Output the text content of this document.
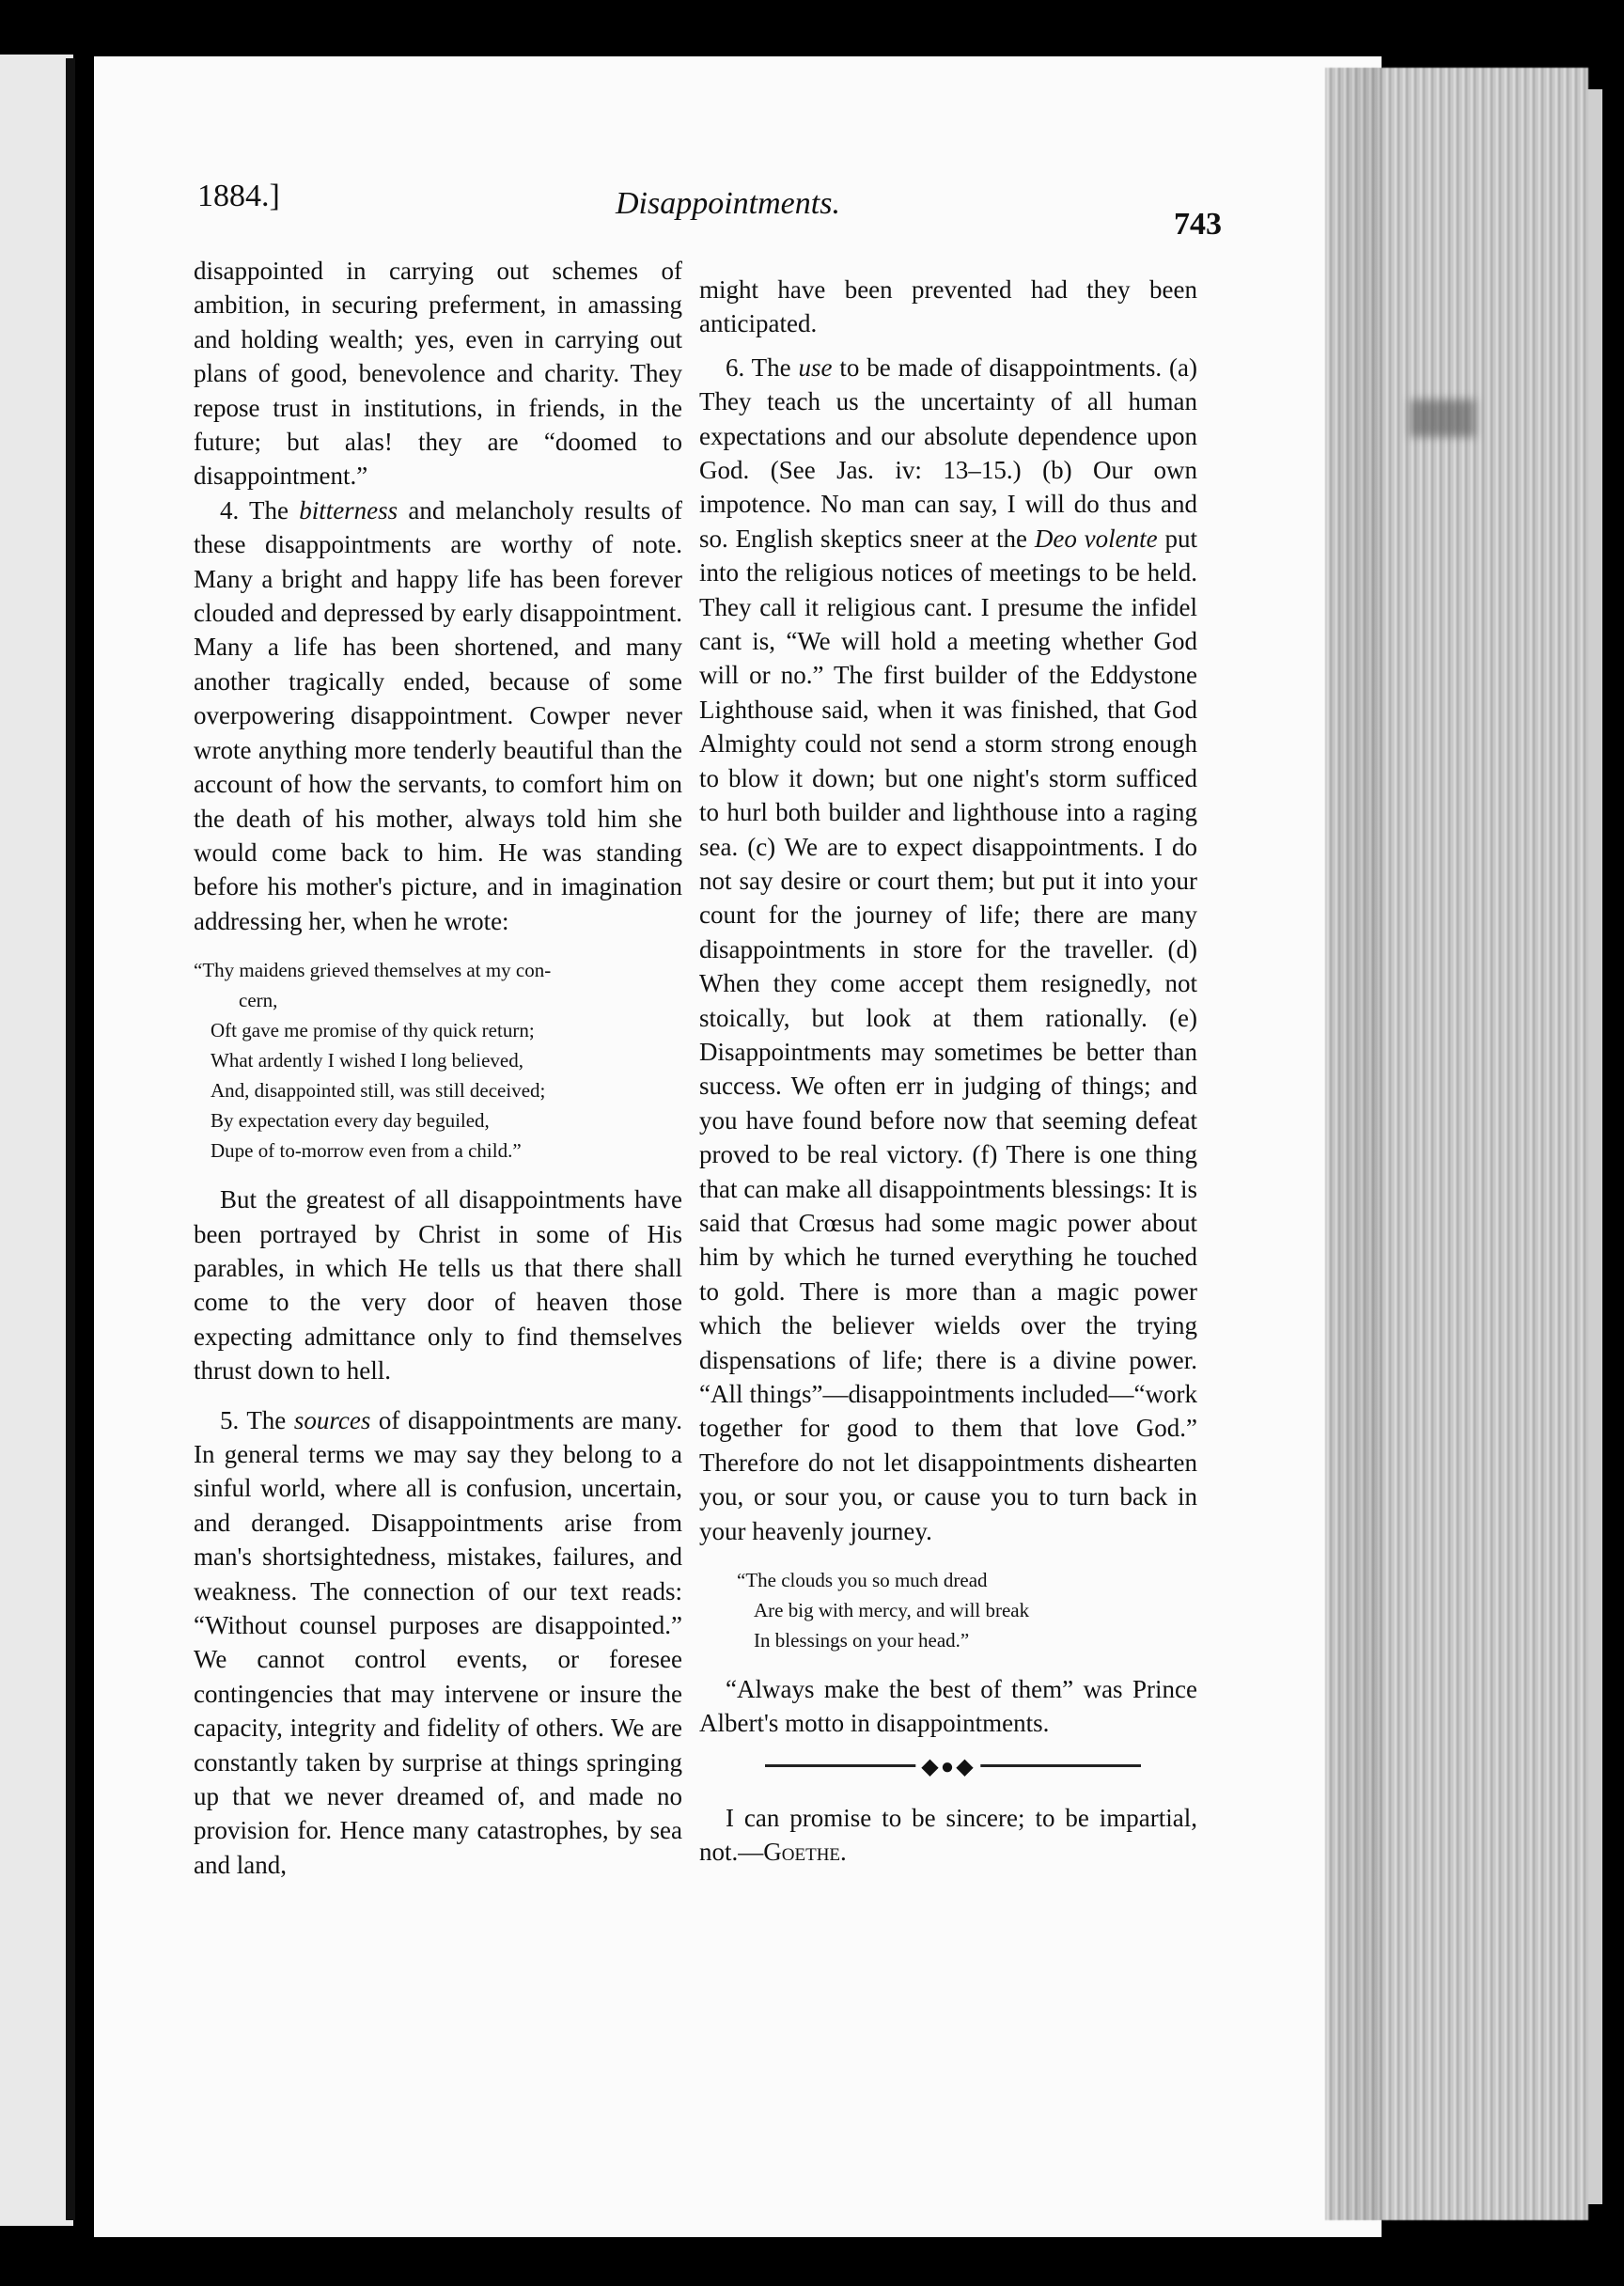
1884.]	Disappointments.
743

disappointed in carrying out schemes of ambition, in securing preferment, in amassing and holding wealth; yes, even in carrying out plans of good, benevolence and charity. They repose trust in institutions, in friends, in the future; but alas! they are “doomed to disappointment.”

4. The bitterness and melancholy results of these disappointments are worthy of note. Many a bright and happy life has been forever clouded and depressed by early disappointment. Many a life has been shortened, and many another tragically ended, because of some overpowering disappointment. Cowper never wrote anything more tenderly beautiful than the account of how the servants, to comfort him on the death of his mother, always told him she would come back to him. He was standing before his mother's picture, and in imagination addressing her, when he wrote:

“Thy maidens grieved themselves at my con-
cern,
Oft gave me promise of thy quick return;
What ardently I wished I long believed,
And, disappointed still, was still deceived;
By expectation every day beguiled,
Dupe of to-morrow even from a child.”

But the greatest of all disappointments have been portrayed by Christ in some of His parables, in which He tells us that there shall come to the very door of heaven those expecting admittance only to find themselves thrust down to hell.

5. The sources of disappointments are many. In general terms we may say they belong to a sinful world, where all is confusion, uncertain, and deranged. Disappointments arise from man's shortsightedness, mistakes, failures, and weakness. The connection of our text reads: “Without counsel purposes are disappointed.” We cannot control events, or foresee contingencies that may intervene or insure the capacity, integrity and fidelity of others. We are constantly taken by surprise at things springing up that we never dreamed of, and made no provision for. Hence many catastrophes, by sea and land,

might have been prevented had they been anticipated.

6. The use to be made of disappointments. (a) They teach us the uncertainty of all human expectations and our absolute dependence upon God. (See Jas. iv: 13–15.) (b) Our own impotence. No man can say, I will do thus and so. English skeptics sneer at the Deo volente put into the religious notices of meetings to be held. They call it religious cant. I presume the infidel cant is, “We will hold a meeting whether God will or no.” The first builder of the Eddystone Lighthouse said, when it was finished, that God Almighty could not send a storm strong enough to blow it down; but one night's storm sufficed to hurl both builder and lighthouse into a raging sea. (c) We are to expect disappointments. I do not say desire or court them; but put it into your count for the journey of life; there are many disappointments in store for the traveller. (d) When they come accept them resignedly, not stoically, but look at them rationally. (e) Disappointments may sometimes be better than success. We often err in judging of things; and you have found before now that seeming defeat proved to be real victory. (f) There is one thing that can make all disappointments blessings: It is said that Crœsus had some magic power about him by which he turned everything he touched to gold. There is more than a magic power which the believer wields over the trying dispensations of life; there is a divine power. “All things”—disappointments included—“work together for good to them that love God.” Therefore do not let disappointments dishearten you, or sour you, or cause you to turn back in your heavenly journey.

“The clouds you so much dread
Are big with mercy, and will break
In blessings on your head.”

“Always make the best of them” was Prince Albert's motto in disappointments.

◆●◆

I can promise to be sincere; to be impartial, not.—Goethe.
